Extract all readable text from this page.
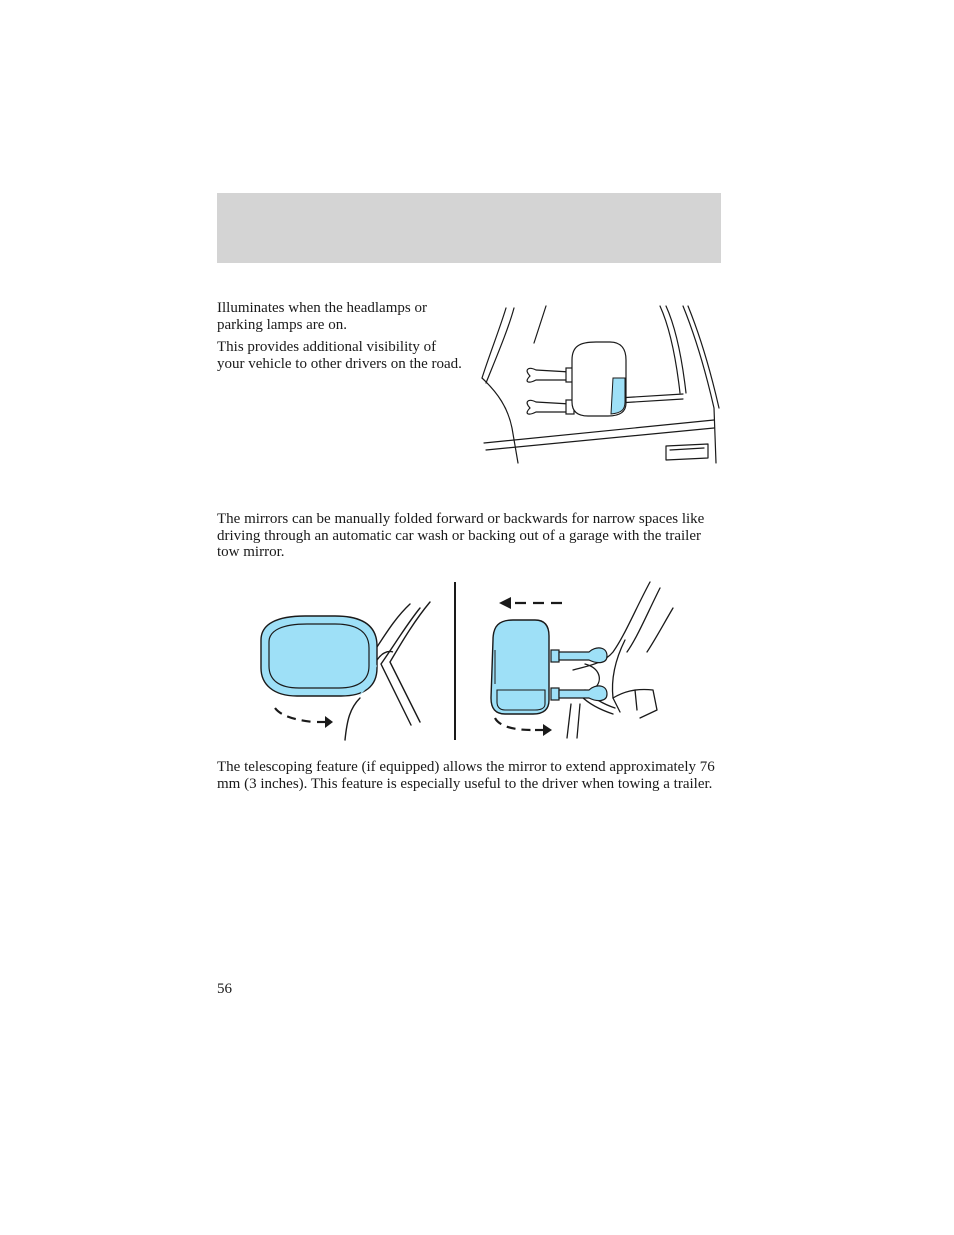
Illuminates when the headlamps or parking lamps are on.

This provides additional visibility of your vehicle to other drivers on the road.

The mirrors can be manually folded forward or backwards for narrow spaces like driving through an automatic car wash or backing out of a garage with the trailer tow mirror.

The telescoping feature (if equipped) allows the mirror to extend approximately 76 mm (3 inches). This feature is especially useful to the driver when towing a trailer.

56
